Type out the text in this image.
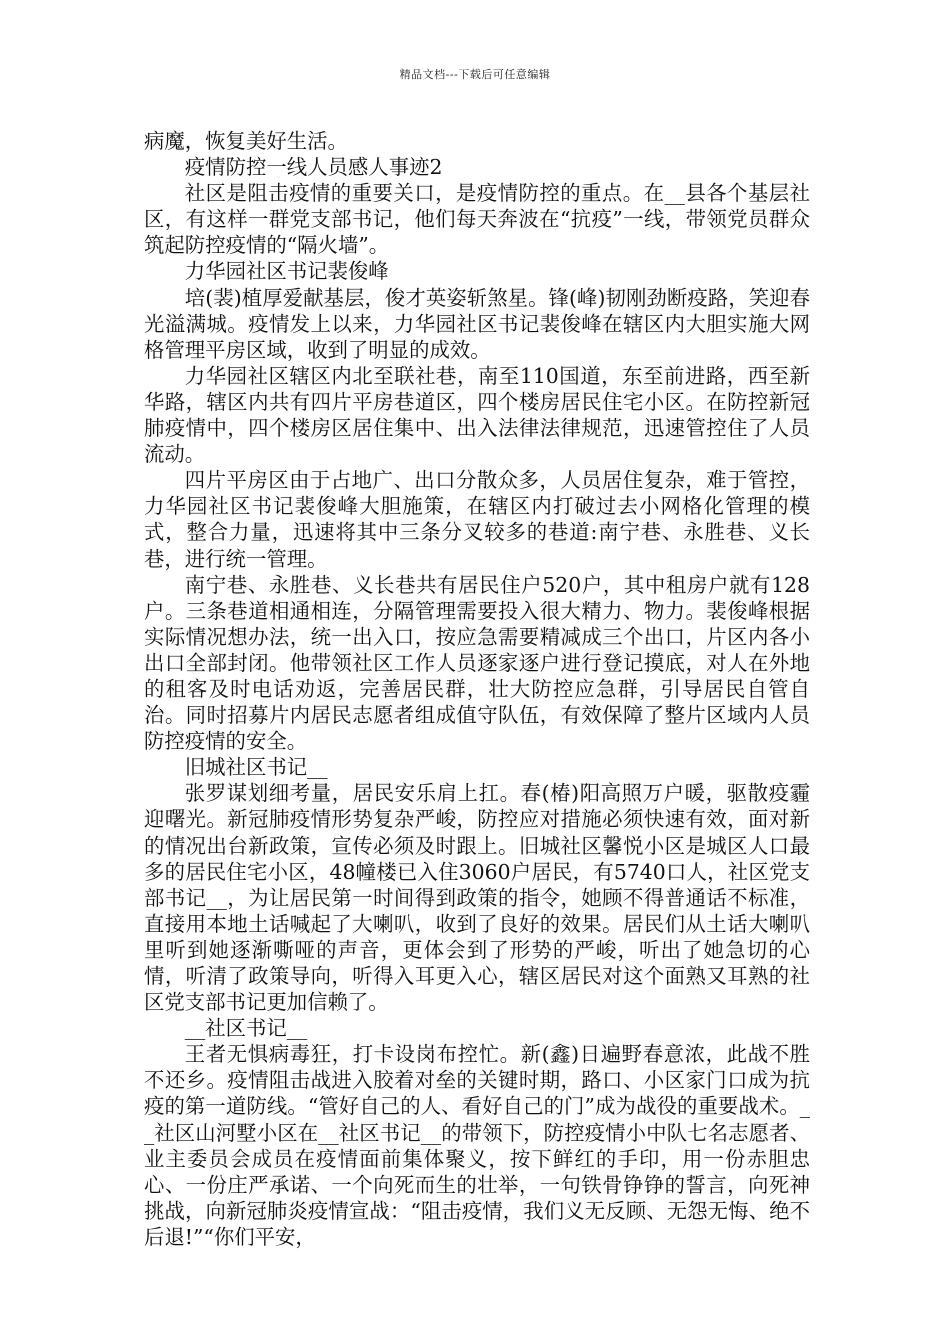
精品文档---下载后可任意编辑

病魔，恢复美好生活。

疫情防控一线人员感人事迹2

社区是阻击疫情的重要关口，是疫情防控的重点。在__县各个基层社区，有这样一群党支部书记，他们每天奔波在“抗疫”一线，带领党员群众筑起防控疫情的“隔火墙”。

力华园社区书记裴俊峰

培(裴)植厚爱献基层，俊才英姿斩煞星。锋(峰)韧刚劲断疫路，笑迎春光溢满城。疫情发上以来，力华园社区书记裴俊峰在辖区内大胆实施大网格管理平房区域，收到了明显的成效。

力华园社区辖区内北至联社巷，南至110国道，东至前进路，西至新华路，辖区内共有四片平房巷道区，四个楼房居民住宅小区。在防控新冠肺疫情中，四个楼房区居住集中、出入法律法律规范，迅速管控住了人员流动。

四片平房区由于占地广、出口分散众多，人员居住复杂，难于管控，力华园社区书记裴俊峰大胆施策，在辖区内打破过去小网格化管理的模式，整合力量，迅速将其中三条分叉较多的巷道:南宁巷、永胜巷、义长巷，进行统一管理。

南宁巷、永胜巷、义长巷共有居民住户520户，其中租房户就有128户。三条巷道相通相连，分隔管理需要投入很大精力、物力。裴俊峰根据实际情况想办法，统一出入口，按应急需要精减成三个出口，片区内各小出口全部封闭。他带领社区工作人员逐家逐户进行登记摸底，对人在外地的租客及时电话劝返，完善居民群，壮大防控应急群，引导居民自管自治。同时招募片内居民志愿者组成值守队伍，有效保障了整片区域内人员防控疫情的安全。

旧城社区书记__

张罗谋划细考量，居民安乐肩上扛。春(椿)阳高照万户暖，驱散疫霾迎曙光。新冠肺疫情形势复杂严峻，防控应对措施必须快速有效，面对新的情况出台新政策，宣传必须及时跟上。旧城社区馨悦小区是城区人口最多的居民住宅小区，48幢楼已入住3060户居民，有5740口人，社区党支部书记__，为让居民第一时间得到政策的指令，她顾不得普通话不标准，直接用本地土话喊起了大喇叭，收到了良好的效果。居民们从土话大喇叭里听到她逐渐嘶哑的声音，更体会到了形势的严峻，听出了她急切的心情，听清了政策导向，听得入耳更入心，辖区居民对这个面熟又耳熟的社区党支部书记更加信赖了。

__社区书记__

王者无惧病毒狂，打卡设岗布控忙。新(鑫)日遍野春意浓，此战不胜不还乡。疫情阻击战进入胶着对垒的关键时期，路口、小区家门口成为抗疫的第一道防线。“管好自己的人、看好自己的门”成为战役的重要战术。__社区山河墅小区在__社区书记__的带领下，防控疫情小中队七名志愿者、业主委员会成员在疫情面前集体聚义，按下鲜红的手印，用一份赤胆忠心、一份庄严承诺、一个向死而生的壮举，一句铁骨铮铮的誓言，向死神挑战，向新冠肺炎疫情宣战：“阻击疫情，我们义无反顾、无怨无悔、绝不后退!”“你们平安，
